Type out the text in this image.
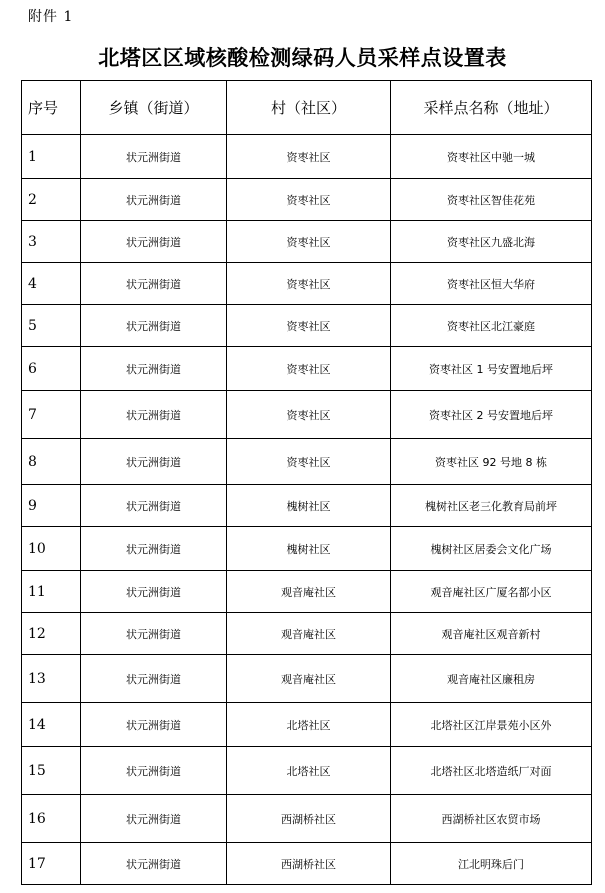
附件 1
北塔区区域核酸检测绿码人员采样点设置表
序号	乡镇（街道）	村（社区）	采样点名称（地址）
1	状元洲街道	资枣社区	资枣社区中驰一城
2	状元洲街道	资枣社区	资枣社区智佳花苑
3	状元洲街道	资枣社区	资枣社区九盛北海
4	状元洲街道	资枣社区	资枣社区恒大华府
5	状元洲街道	资枣社区	资枣社区北江豪庭
6	状元洲街道	资枣社区	资枣社区 1 号安置地后坪
7	状元洲街道	资枣社区	资枣社区 2 号安置地后坪
8	状元洲街道	资枣社区	资枣社区 92 号地 8 栋
9	状元洲街道	槐树社区	槐树社区老三化教育局前坪
10	状元洲街道	槐树社区	槐树社区居委会文化广场
11	状元洲街道	观音庵社区	观音庵社区广厦名都小区
12	状元洲街道	观音庵社区	观音庵社区观音新村
13	状元洲街道	观音庵社区	观音庵社区廉租房
14	状元洲街道	北塔社区	北塔社区江岸景苑小区外
15	状元洲街道	北塔社区	北塔社区北塔造纸厂对面
16	状元洲街道	西湖桥社区	西湖桥社区农贸市场
17	状元洲街道	西湖桥社区	江北明珠后门
